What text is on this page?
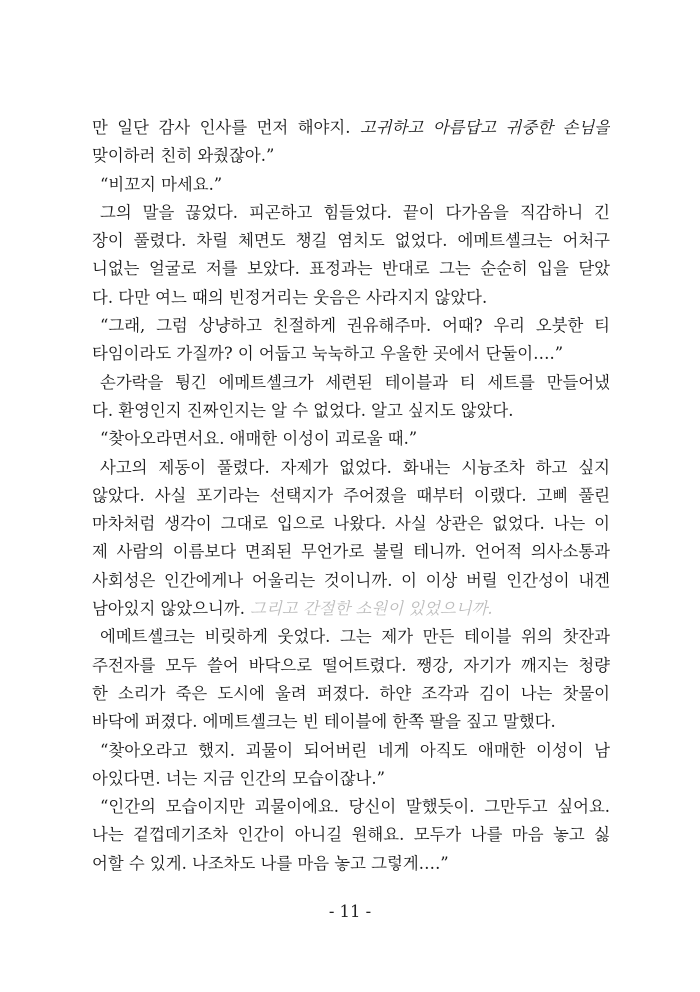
만 일단 감사 인사를 먼저 해야지. 고귀하고 아름답고 귀중한 손님을
맞이하러 친히 와줬잖아.”
“비꼬지 마세요.”
그의 말을 끊었다. 피곤하고 힘들었다. 끝이 다가옴을 직감하니 긴
장이 풀렸다. 차릴 체면도 챙길 염치도 없었다. 에메트셸크는 어처구
니없는 얼굴로 저를 보았다. 표정과는 반대로 그는 순순히 입을 닫았
다. 다만 여느 때의 빈정거리는 웃음은 사라지지 않았다.
“그래, 그럼 상냥하고 친절하게 권유해주마. 어때? 우리 오붓한 티
타임이라도 가질까? 이 어둡고 눅눅하고 우울한 곳에서 단둘이….”
손가락을 튕긴 에메트셸크가 세련된 테이블과 티 세트를 만들어냈
다. 환영인지 진짜인지는 알 수 없었다. 알고 싶지도 않았다.
“찾아오라면서요. 애매한 이성이 괴로울 때.”
사고의 제동이 풀렸다. 자제가 없었다. 화내는 시늉조차 하고 싶지
않았다. 사실 포기라는 선택지가 주어졌을 때부터 이랬다. 고삐 풀린
마차처럼 생각이 그대로 입으로 나왔다. 사실 상관은 없었다. 나는 이
제 사람의 이름보다 면죄된 무언가로 불릴 테니까. 언어적 의사소통과
사회성은 인간에게나 어울리는 것이니까. 이 이상 버릴 인간성이 내겐
남아있지 않았으니까. 그리고 간절한 소원이 있었으니까.
에메트셸크는 비릿하게 웃었다. 그는 제가 만든 테이블 위의 찻잔과
주전자를 모두 쓸어 바닥으로 떨어트렸다. 쨍강, 자기가 깨지는 청량
한 소리가 죽은 도시에 울려 퍼졌다. 하얀 조각과 김이 나는 찻물이
바닥에 퍼졌다. 에메트셸크는 빈 테이블에 한쪽 팔을 짚고 말했다.
“찾아오라고 했지. 괴물이 되어버린 네게 아직도 애매한 이성이 남
아있다면. 너는 지금 인간의 모습이잖나.”
“인간의 모습이지만 괴물이에요. 당신이 말했듯이. 그만두고 싶어요.
나는 겉껍데기조차 인간이 아니길 원해요. 모두가 나를 마음 놓고 싫
어할 수 있게. 나조차도 나를 마음 놓고 그렇게….”
- 11 -
